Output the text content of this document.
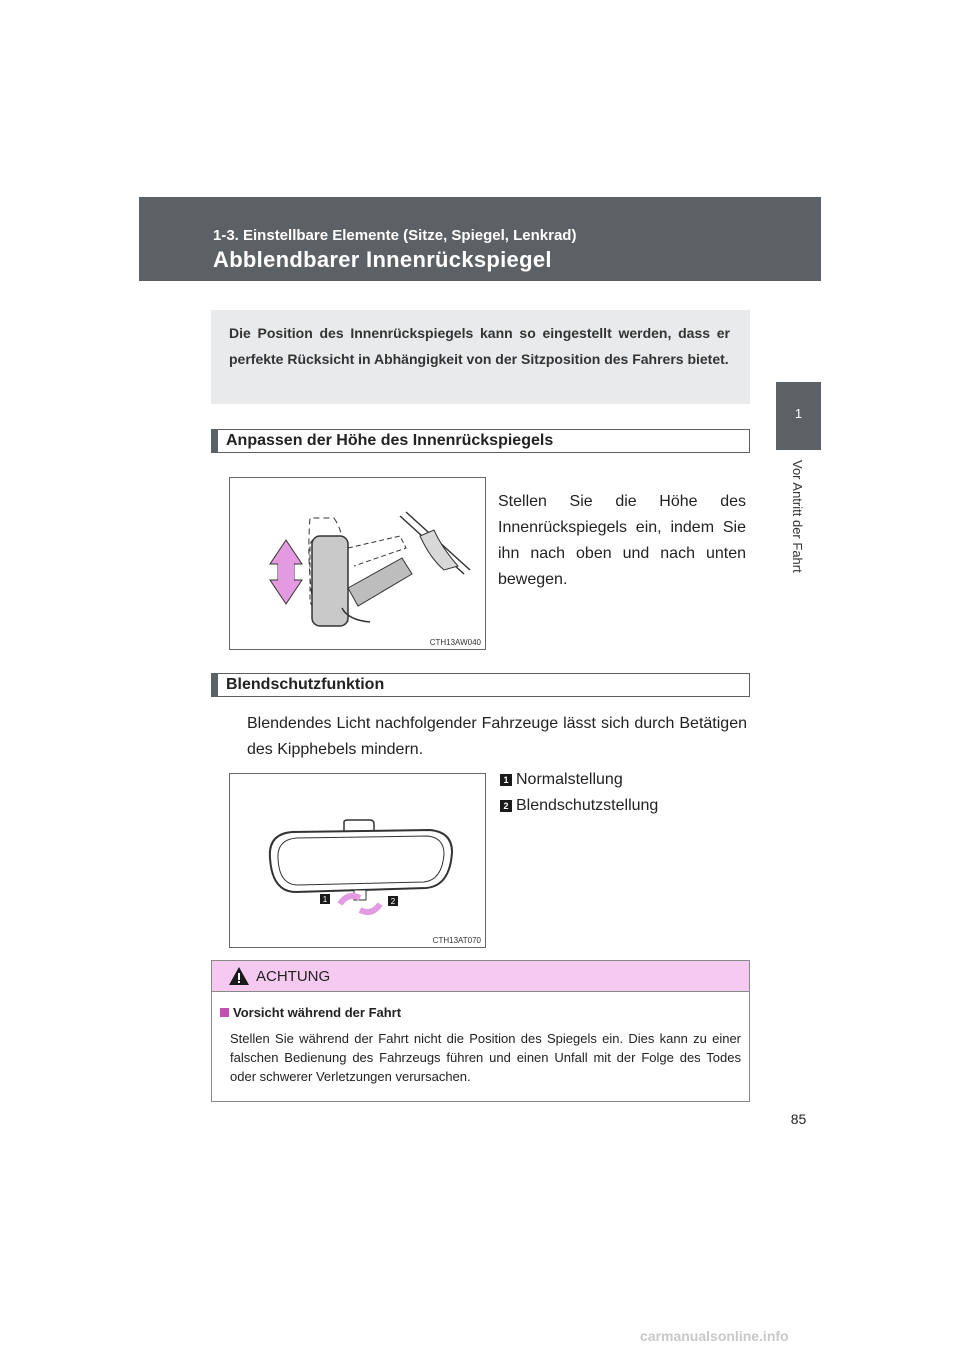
1-3. Einstellbare Elemente (Sitze, Spiegel, Lenkrad)
Abblendbarer Innenrückspiegel
1
Vor Antritt der Fahrt

Die Position des Innenrückspiegels kann so eingestellt werden, dass er perfekte Rücksicht in Abhängigkeit von der Sitzposition des Fahrers bietet.

Anpassen der Höhe des Innenrückspiegels
CTH13AW040
Stellen Sie die Höhe des Innenrückspiegels ein, indem Sie ihn nach oben und nach unten bewegen.
Blendschutzfunktion
Blendendes Licht nachfolgender Fahrzeuge lässt sich durch Betätigen des Kipphebels mindern.
1 Normalstellung
2 Blendschutzstellung
1	2
CTH13AT070
ACHTUNG
Vorsicht während der Fahrt
Stellen Sie während der Fahrt nicht die Position des Spiegels ein. Dies kann zu einer falschen Bedienung des Fahrzeugs führen und einen Unfall mit der Folge des Todes oder schwerer Verletzungen verursachen.
85
carmanualsonline.info
